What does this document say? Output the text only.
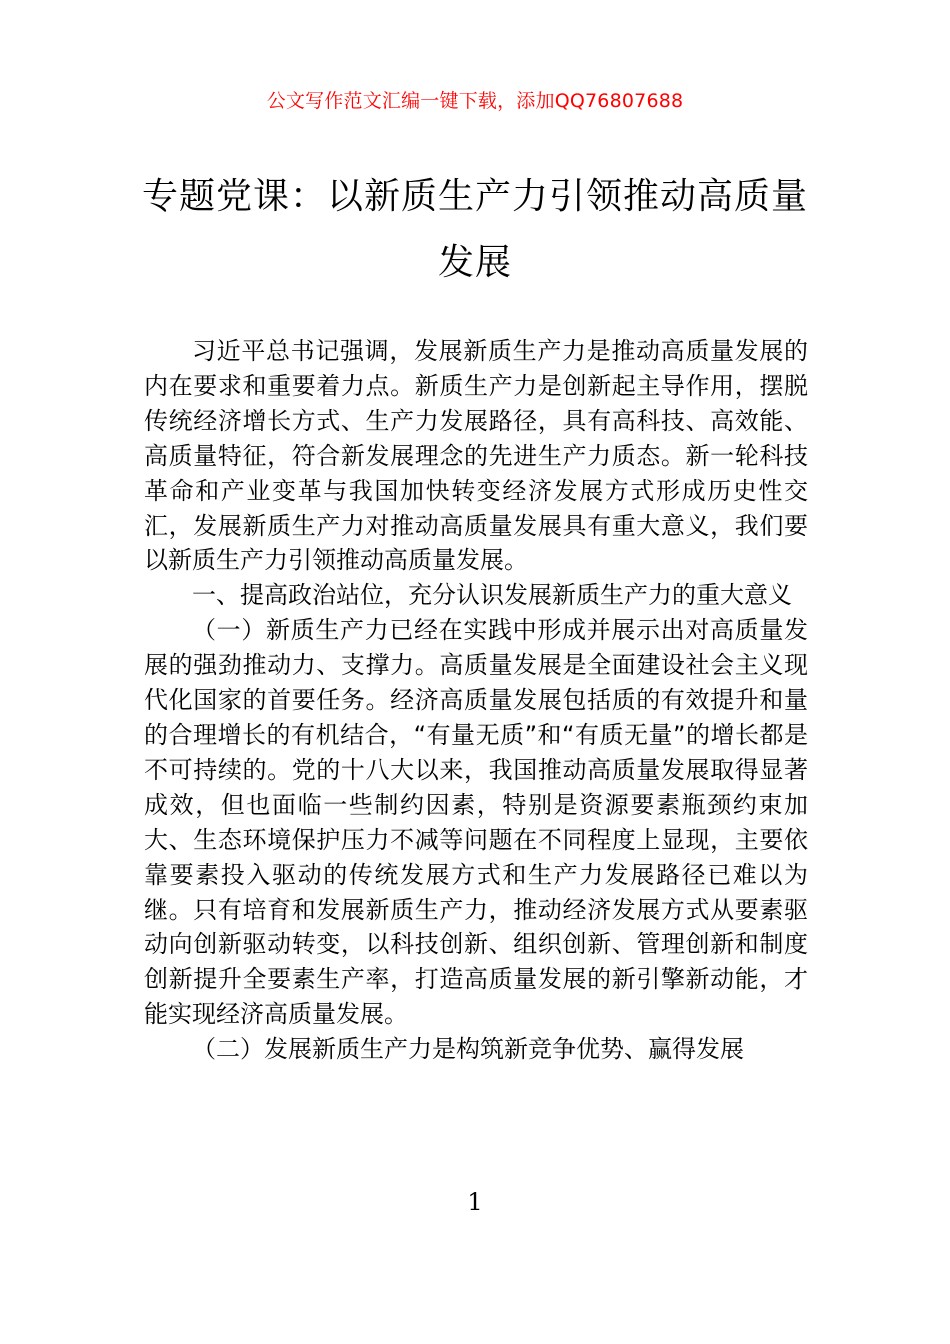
公文写作范文汇编一键下载，添加QQ76807688
专题党课：以新质生产力引领推动高质量
发展

习近平总书记强调，发展新质生产力是推动高质量发展的内在要求和重要着力点。新质生产力是创新起主导作用，摆脱传统经济增长方式、生产力发展路径，具有高科技、高效能、高质量特征，符合新发展理念的先进生产力质态。新一轮科技革命和产业变革与我国加快转变经济发展方式形成历史性交汇，发展新质生产力对推动高质量发展具有重大意义，我们要以新质生产力引领推动高质量发展。

一、提高政治站位，充分认识发展新质生产力的重大意义

（一）新质生产力已经在实践中形成并展示出对高质量发展的强劲推动力、支撑力。高质量发展是全面建设社会主义现代化国家的首要任务。经济高质量发展包括质的有效提升和量的合理增长的有机结合，“有量无质”和“有质无量”的增长都是不可持续的。党的十八大以来，我国推动高质量发展取得显著成效，但也面临一些制约因素，特别是资源要素瓶颈约束加大、生态环境保护压力不减等问题在不同程度上显现，主要依靠要素投入驱动的传统发展方式和生产力发展路径已难以为继。只有培育和发展新质生产力，推动经济发展方式从要素驱动向创新驱动转变，以科技创新、组织创新、管理创新和制度创新提升全要素生产率，打造高质量发展的新引擎新动能，才能实现经济高质量发展。

（二）发展新质生产力是构筑新竞争优势、赢得发展

1
